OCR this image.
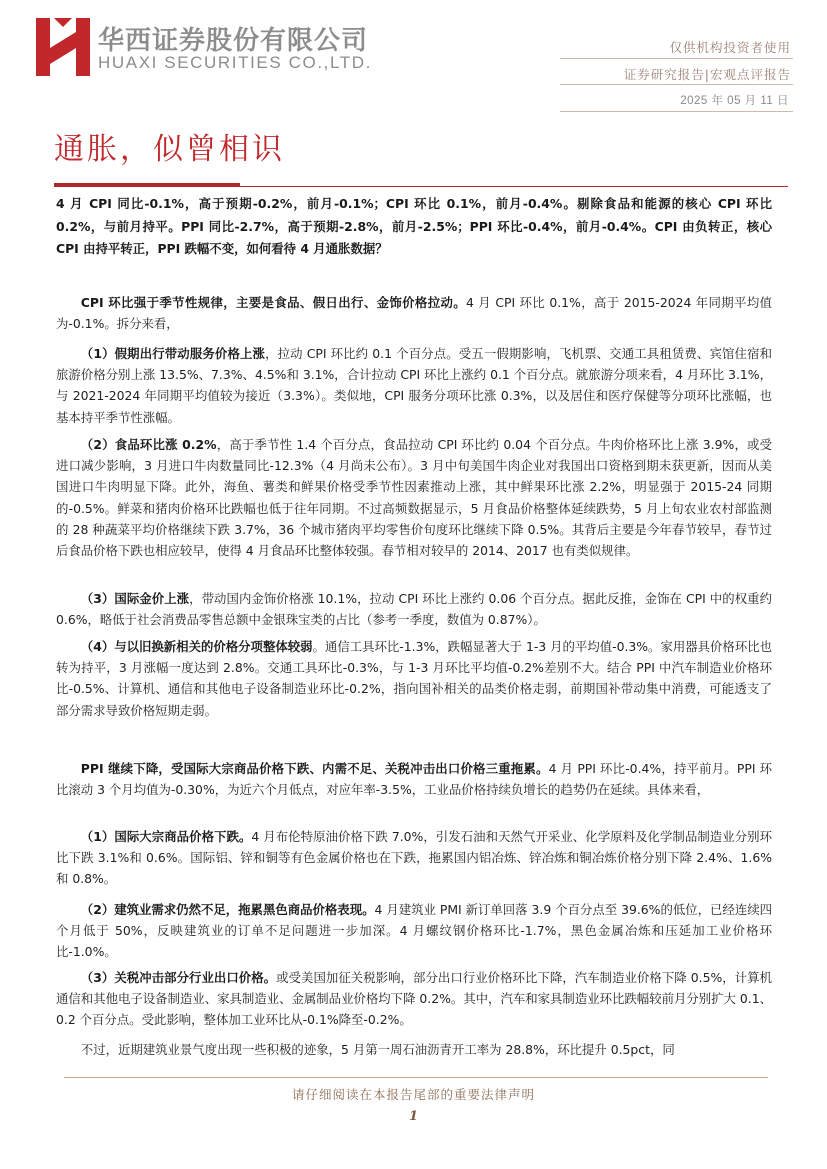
华西证券股份有限公司
HUAXI SECURITIES CO.,LTD.
仅供机构投资者使用
证券研究报告|宏观点评报告
2025 年 05 月 11 日
通胀，似曾相识
4 月 CPI 同比-0.1%，高于预期-0.2%，前月-0.1%；CPI 环比 0.1%，前月-0.4%。剔除食品和能源的核心 CPI 环比 0.2%，与前月持平。PPI 同比-2.7%，高于预期-2.8%，前月-2.5%；PPI 环比-0.4%，前月-0.4%。CPI 由负转正，核心 CPI 由持平转正，PPI 跌幅不变，如何看待 4 月通胀数据？
CPI 环比强于季节性规律，主要是食品、假日出行、金饰价格拉动。4 月 CPI 环比 0.1%，高于 2015-2024 年同期平均值为-0.1%。拆分来看，
（1）假期出行带动服务价格上涨，拉动 CPI 环比约 0.1 个百分点。受五一假期影响，飞机票、交通工具租赁费、宾馆住宿和旅游价格分别上涨 13.5%、7.3%、4.5%和 3.1%，合计拉动 CPI 环比上涨约 0.1 个百分点。就旅游分项来看，4 月环比 3.1%，与 2021-2024 年同期平均值较为接近（3.3%）。类似地，CPI 服务分项环比涨 0.3%，以及居住和医疗保健等分项环比涨幅，也基本持平季节性涨幅。
（2）食品环比涨 0.2%，高于季节性 1.4 个百分点，食品拉动 CPI 环比约 0.04 个百分点。牛肉价格环比上涨 3.9%，或受进口减少影响，3 月进口牛肉数量同比-12.3%（4 月尚未公布）。3 月中旬美国牛肉企业对我国出口资格到期未获更新，因而从美国进口牛肉明显下降。此外，海鱼、薯类和鲜果价格受季节性因素推动上涨，其中鲜果环比涨 2.2%，明显强于 2015-24 同期的-0.5%。鲜菜和猪肉价格环比跌幅也低于往年同期。不过高频数据显示，5 月食品价格整体延续跌势，5 月上旬农业农村部监测的 28 种蔬菜平均价格继续下跌 3.7%，36 个城市猪肉平均零售价旬度环比继续下降 0.5%。其背后主要是今年春节较早，春节过后食品价格下跌也相应较早，使得 4 月食品环比整体较强。春节相对较早的 2014、2017 也有类似规律。
（3）国际金价上涨，带动国内金饰价格涨 10.1%，拉动 CPI 环比上涨约 0.06 个百分点。据此反推，金饰在 CPI 中的权重约 0.6%，略低于社会消费品零售总额中金银珠宝类的占比（参考一季度，数值为 0.87%）。
（4）与以旧换新相关的价格分项整体较弱。通信工具环比-1.3%，跌幅显著大于 1-3 月的平均值-0.3%。家用器具价格环比也转为持平，3 月涨幅一度达到 2.8%。交通工具环比-0.3%，与 1-3 月环比平均值-0.2%差别不大。结合 PPI 中汽车制造业价格环比-0.5%、计算机、通信和其他电子设备制造业环比-0.2%，指向国补相关的品类价格走弱，前期国补带动集中消费，可能透支了部分需求导致价格短期走弱。
PPI 继续下降，受国际大宗商品价格下跌、内需不足、关税冲击出口价格三重拖累。4 月 PPI 环比-0.4%，持平前月。PPI 环比滚动 3 个月均值为-0.30%，为近六个月低点，对应年率-3.5%，工业品价格持续负增长的趋势仍在延续。具体来看，
（1）国际大宗商品价格下跌。4 月布伦特原油价格下跌 7.0%，引发石油和天然气开采业、化学原料及化学制品制造业分别环比下跌 3.1%和 0.6%。国际铝、锌和铜等有色金属价格也在下跌，拖累国内铝冶炼、锌冶炼和铜冶炼价格分别下降 2.4%、1.6%和 0.8%。
（2）建筑业需求仍然不足，拖累黑色商品价格表现。4 月建筑业 PMI 新订单回落 3.9 个百分点至 39.6%的低位，已经连续四个月低于 50%，反映建筑业的订单不足问题进一步加深。4 月螺纹钢价格环比-1.7%，黑色金属冶炼和压延加工业价格环比-1.0%。
（3）关税冲击部分行业出口价格。或受美国加征关税影响，部分出口行业价格环比下降，汽车制造业价格下降 0.5%，计算机通信和其他电子设备制造业、家具制造业、金属制品业价格均下降 0.2%。其中，汽车和家具制造业环比跌幅较前月分别扩大 0.1、0.2 个百分点。受此影响，整体加工业环比从-0.1%降至-0.2%。
不过，近期建筑业景气度出现一些积极的迹象，5 月第一周石油沥青开工率为 28.8%，环比提升 0.5pct，同
请仔细阅读在本报告尾部的重要法律声明
1
